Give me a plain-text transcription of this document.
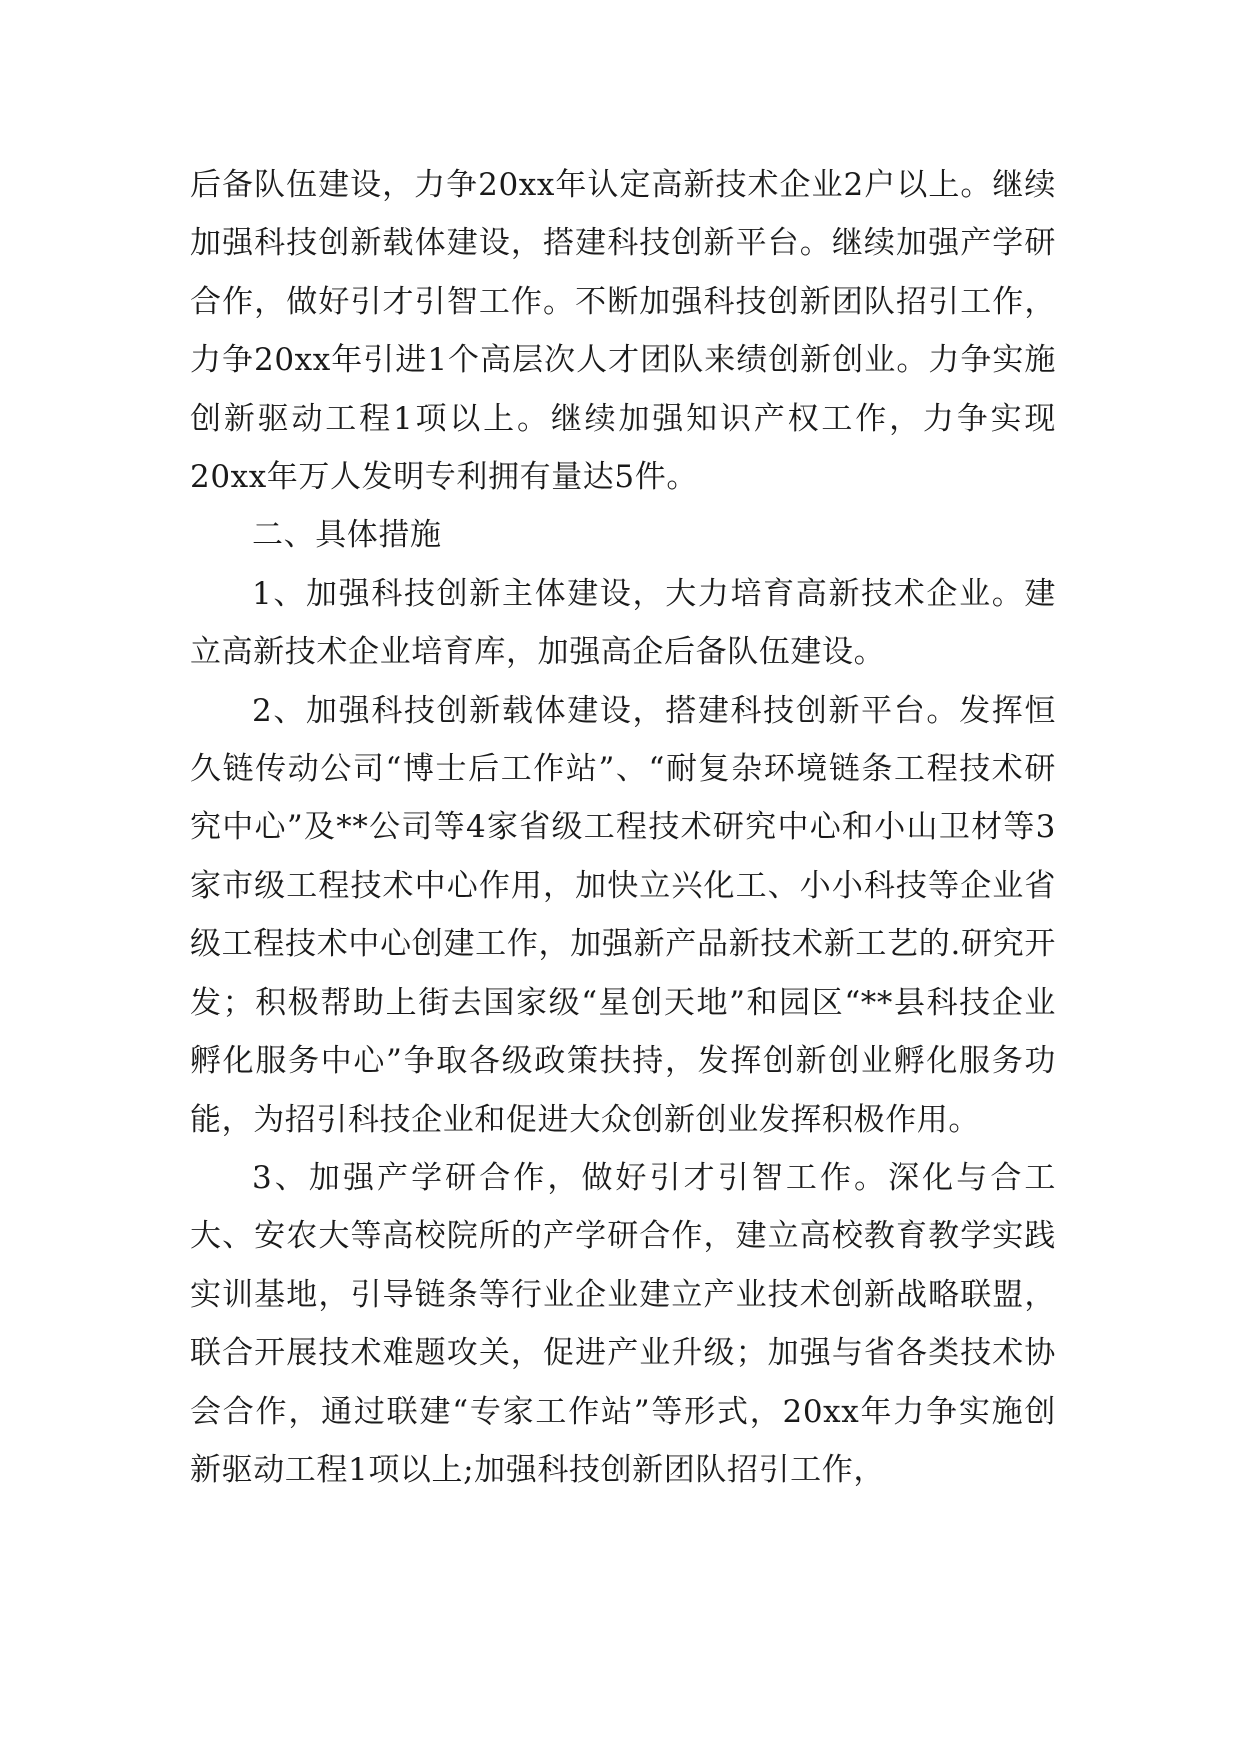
后备队伍建设，力争20xx年认定高新技术企业2户以上。继续加强科技创新载体建设，搭建科技创新平台。继续加强产学研合作，做好引才引智工作。不断加强科技创新团队招引工作，力争20xx年引进1个高层次人才团队来绩创新创业。力争实施创新驱动工程1项以上。继续加强知识产权工作，力争实现20xx年万人发明专利拥有量达5件。

二、具体措施

1、加强科技创新主体建设，大力培育高新技术企业。建立高新技术企业培育库，加强高企后备队伍建设。

2、加强科技创新载体建设，搭建科技创新平台。发挥恒久链传动公司“博士后工作站”、“耐复杂环境链条工程技术研究中心”及**公司等4家省级工程技术研究中心和小山卫材等3家市级工程技术中心作用，加快立兴化工、小小科技等企业省级工程技术中心创建工作，加强新产品新技术新工艺的.研究开发；积极帮助上街去国家级“星创天地”和园区“**县科技企业孵化服务中心”争取各级政策扶持，发挥创新创业孵化服务功能，为招引科技企业和促进大众创新创业发挥积极作用。

3、加强产学研合作，做好引才引智工作。深化与合工大、安农大等高校院所的产学研合作，建立高校教育教学实践实训基地，引导链条等行业企业建立产业技术创新战略联盟，联合开展技术难题攻关，促进产业升级；加强与省各类技术协会合作，通过联建“专家工作站”等形式，20xx年力争实施创新驱动工程1项以上;加强科技创新团队招引工作，
